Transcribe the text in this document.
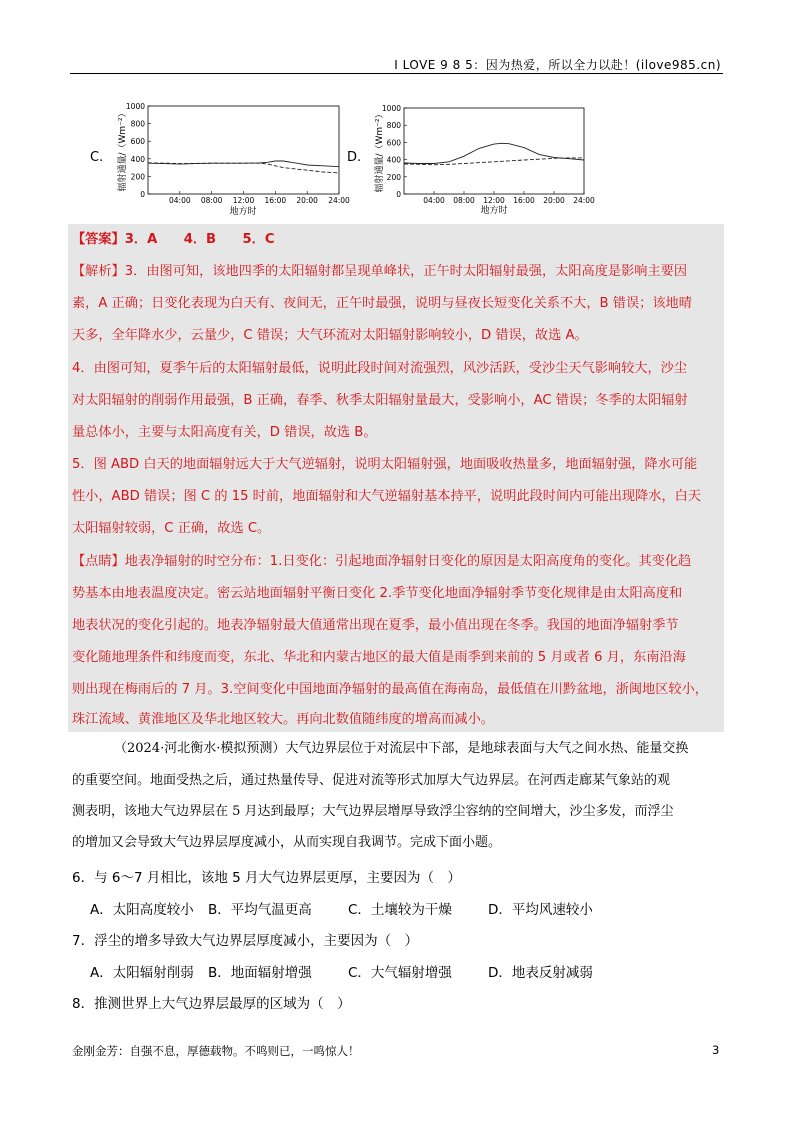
I LOVE 9 8 5：因为热爱，所以全力以赴！(ilove985.cn)
C.
1000
800
600
400
200
0
04:00 08:00 12:00 16:00 20:00 24:00
辐射通量/（Wm⁻²）
地方时
D.
1000
800
600
400
200
0
04:00 08:00 12:00 16:00 20:00 24:00
辐射通量/（Wm⁻²）
地方时

【答案】3．A　　4．B　　5．C

【解析】3．由图可知，该地四季的太阳辐射都呈现单峰状，正午时太阳辐射最强，太阳高度是影响主要因

素，A 正确；日变化表现为白天有、夜间无，正午时最强，说明与昼夜长短变化关系不大，B 错误；该地晴

天多，全年降水少，云量少，C 错误；大气环流对太阳辐射影响较小，D 错误，故选 A。

4．由图可知，夏季午后的太阳辐射最低，说明此段时间对流强烈，风沙活跃，受沙尘天气影响较大，沙尘

对太阳辐射的削弱作用最强，B 正确，春季、秋季太阳辐射量最大，受影响小，AC 错误；冬季的太阳辐射

量总体小，主要与太阳高度有关，D 错误，故选 B。

5．图 ABD 白天的地面辐射远大于大气逆辐射，说明太阳辐射强，地面吸收热量多，地面辐射强，降水可能

性小，ABD 错误；图 C 的 15 时前，地面辐射和大气逆辐射基本持平，说明此段时间内可能出现降水，白天

太阳辐射较弱，C 正确，故选 C。

【点睛】地表净辐射的时空分布：1.日变化：引起地面净辐射日变化的原因是太阳高度角的变化。其变化趋

势基本由地表温度决定。密云站地面辐射平衡日变化 2.季节变化地面净辐射季节变化规律是由太阳高度和

地表状况的变化引起的。地表净辐射最大值通常出现在夏季，最小值出现在冬季。我国的地面净辐射季节

变化随地理条件和纬度而变，东北、华北和内蒙古地区的最大值是雨季到来前的 5 月或者 6 月，东南沿海

则出现在梅雨后的 7 月。3.空间变化中国地面净辐射的最高值在海南岛，最低值在川黔盆地，浙闽地区较小，

珠江流域、黄淮地区及华北地区较大。再向北数值随纬度的增高而减小。

（2024·河北衡水·模拟预测）大气边界层位于对流层中下部，是地球表面与大气之间水热、能量交换

的重要空间。地面受热之后，通过热量传导、促进对流等形式加厚大气边界层。在河西走廊某气象站的观

测表明，该地大气边界层在 5 月达到最厚；大气边界层增厚导致浮尘容纳的空间增大，沙尘多发，而浮尘

的增加又会导致大气边界层厚度减小，从而实现自我调节。完成下面小题。

6．与 6～7 月相比，该地 5 月大气边界层更厚，主要因为（　）
A．太阳高度较小	B．平均气温更高	C．土壤较为干燥	D．平均风速较小
7．浮尘的增多导致大气边界层厚度减小，主要因为（　）
A．太阳辐射削弱	B．地面辐射增强	C．大气辐射增强	D．地表反射减弱
8．推测世界上大气边界层最厚的区域为（　）
金刚金芳：自强不息，厚德载物。不鸣则已，一鸣惊人！	3
